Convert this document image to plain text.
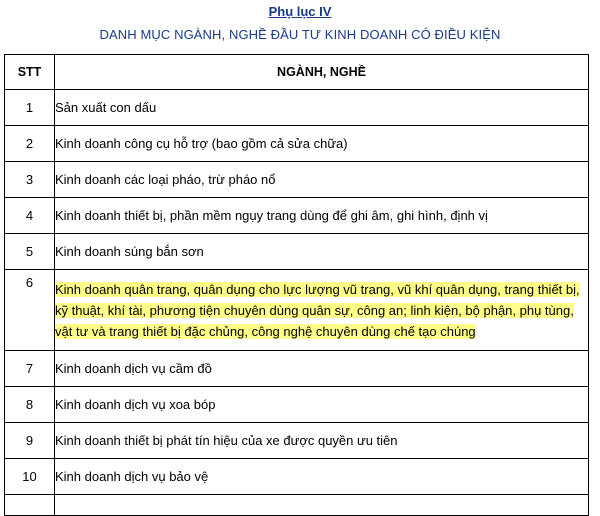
Phụ lục IV
DANH MỤC NGÀNH, NGHỀ ĐẦU TƯ KINH DOANH CÓ ĐIỀU KIỆN
STT	NGÀNH, NGHỀ
1	Sản xuất con dấu
2	Kinh doanh công cụ hỗ trợ (bao gồm cả sửa chữa)
3	Kinh doanh các loại pháo, trừ pháo nổ
4	Kinh doanh thiết bị, phần mềm ngụy trang dùng để ghi âm, ghi hình, định vị
5	Kinh doanh súng bắn sơn
6	Kinh doanh quân trang, quân dụng cho lực lượng vũ trang, vũ khí quân dụng, trang thiết bị, kỹ thuật, khí tài, phương tiện chuyên dùng quân sự, công an; linh kiện, bộ phận, phụ tùng, vật tư và trang thiết bị đặc chủng, công nghệ chuyên dùng chế tạo chúng
7	Kinh doanh dịch vụ cầm đồ
8	Kinh doanh dịch vụ xoa bóp
9	Kinh doanh thiết bị phát tín hiệu của xe được quyền ưu tiên
10	Kinh doanh dịch vụ bảo vệ
